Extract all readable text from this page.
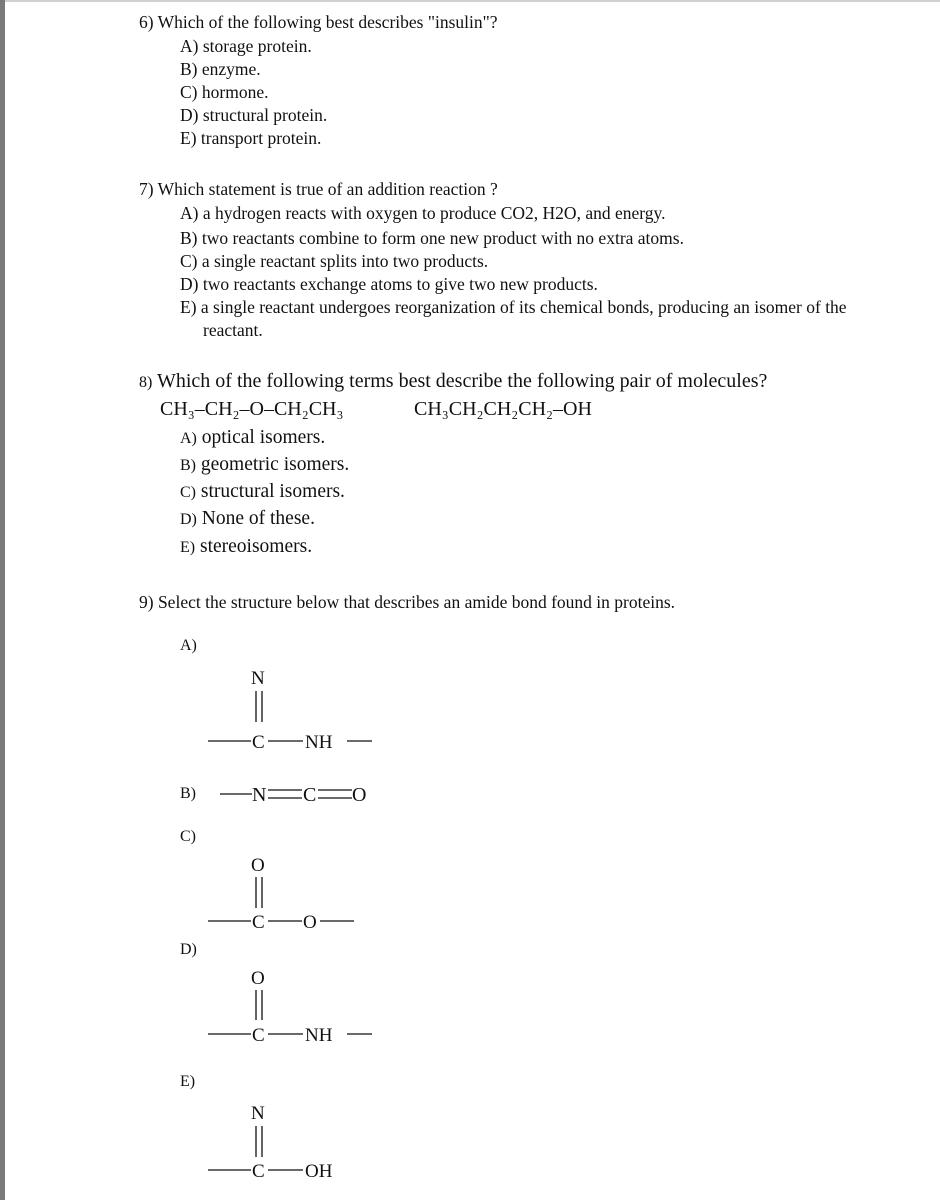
6) Which of the following best describes "insulin"?
A) storage protein.
B) enzyme.
C) hormone.
D) structural protein.
E) transport protein.
7) Which statement is true of an addition reaction ?
A) a hydrogen reacts with oxygen to produce CO2, H2O, and energy.
B) two reactants combine to form one new product with no extra atoms.
C) a single reactant splits into two products.
D) two reactants exchange atoms to give two new products.
E) a single reactant undergoes reorganization of its chemical bonds, producing an isomer of the
reactant.
8) Which of the following terms best describe the following pair of molecules?
CH₃–CH₂–O–CH₂CH₃	CH₃CH₂CH₂CH₂–OH
A) optical isomers.
B) geometric isomers.
C) structural isomers.
D) None of these.
E) stereoisomers.
9) Select the structure below that describes an amide bond found in proteins.
A)
B)
C)
D)
E)
N
C NH
N C O
O
C O
O
C NH
N
C OH
